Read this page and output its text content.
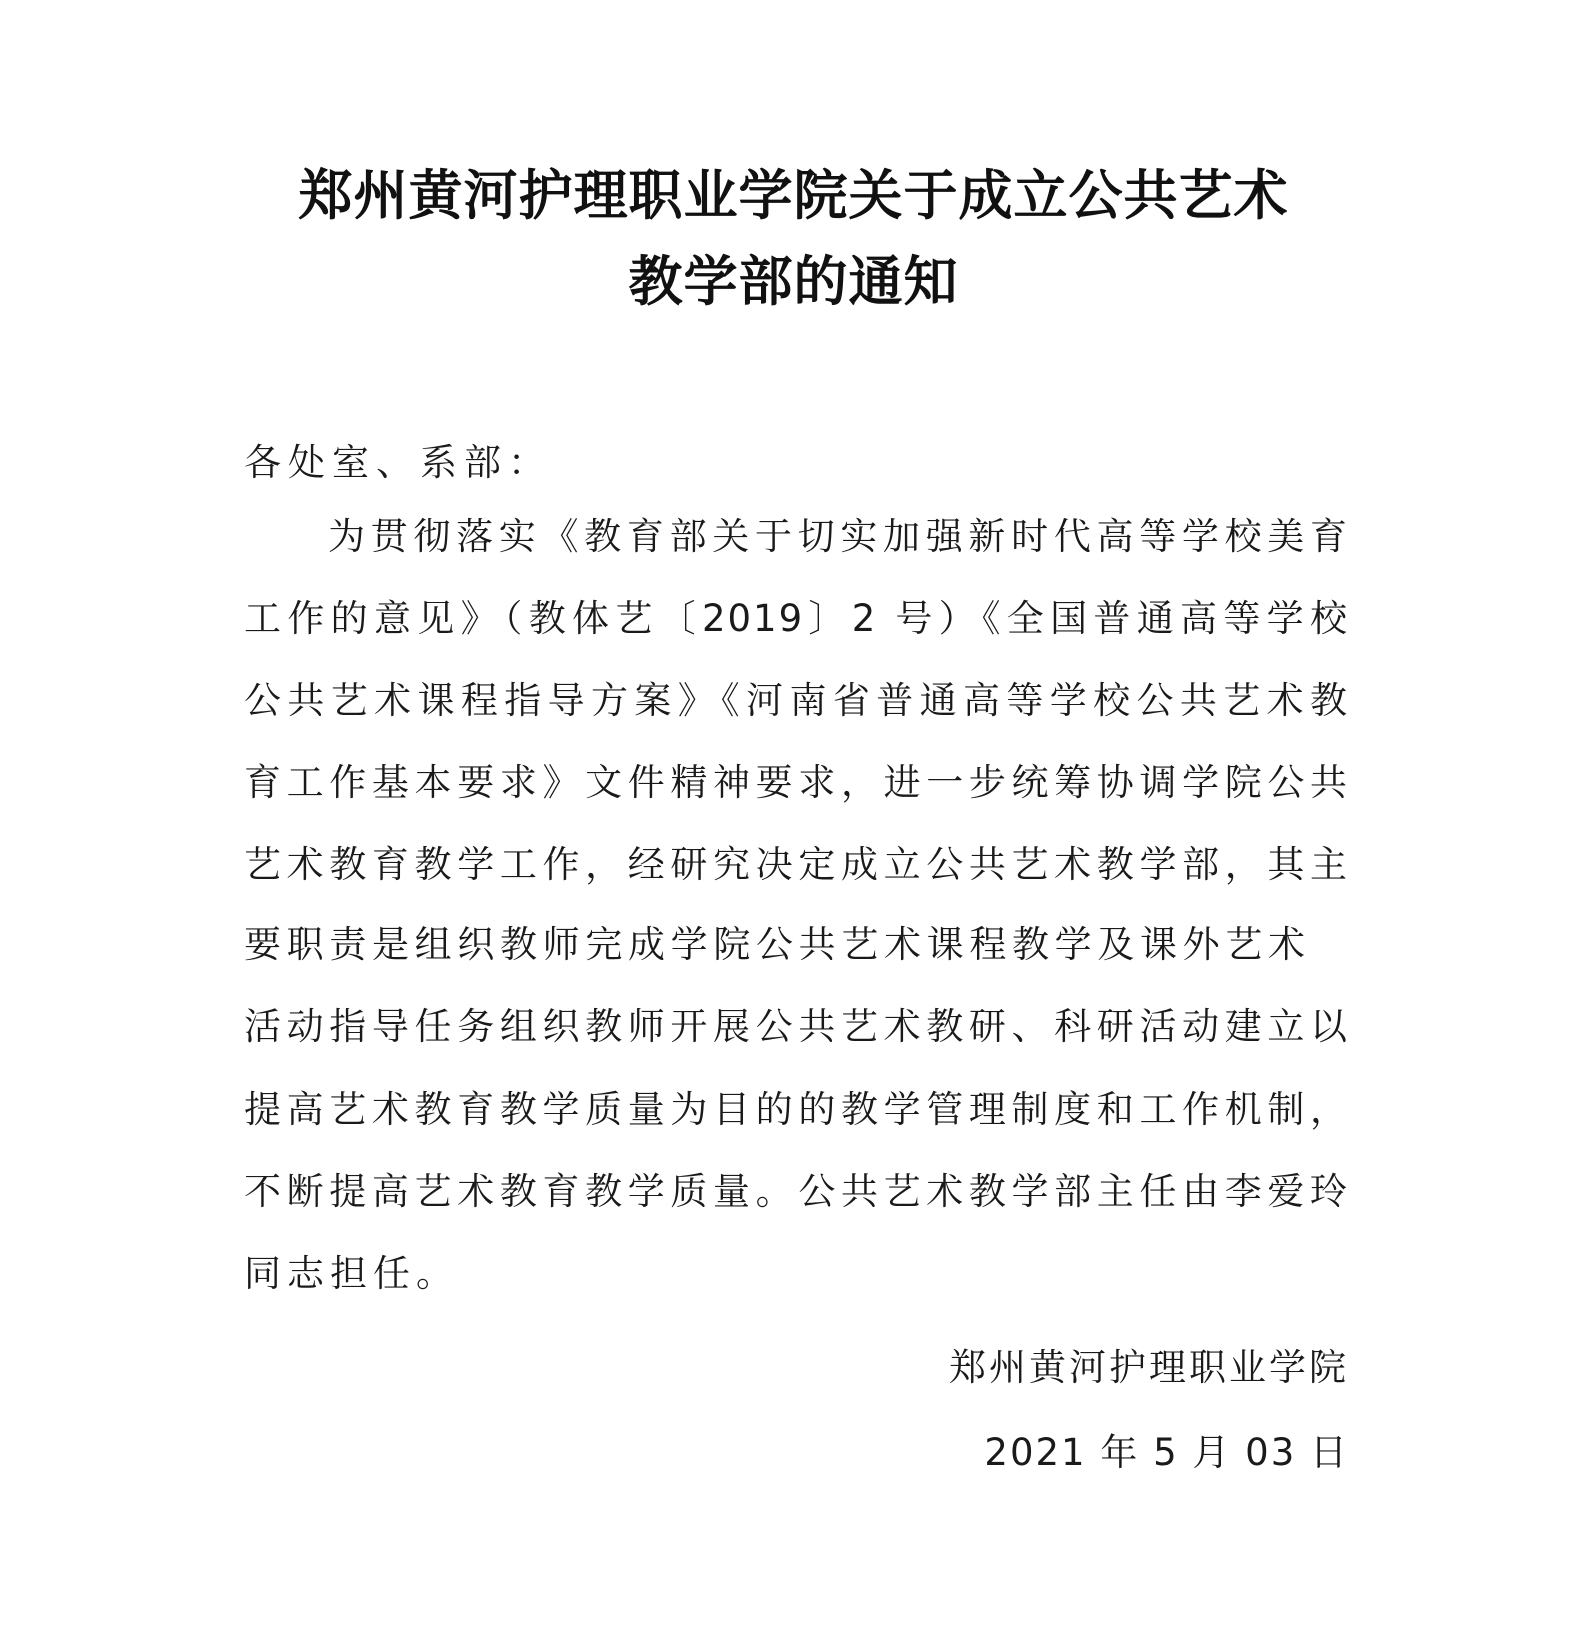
郑州黄河护理职业学院关于成立公共艺术
教学部的通知
各处室、系部：
为贯彻落实《教育部关于切实加强新时代高等学校美育
工作的意见》（教体艺〔2019〕2 号）《全国普通高等学校
公共艺术课程指导方案》《河南省普通高等学校公共艺术教
育工作基本要求》文件精神要求，进一步统筹协调学院公共
艺术教育教学工作，经研究决定成立公共艺术教学部，其主
要职责是组织教师完成学院公共艺术课程教学及课外艺术
活动指导任务组织教师开展公共艺术教研、科研活动建立以
提高艺术教育教学质量为目的的教学管理制度和工作机制，
不断提高艺术教育教学质量。公共艺术教学部主任由李爱玲
同志担任。
郑州黄河护理职业学院
2021 年 5 月 03 日
